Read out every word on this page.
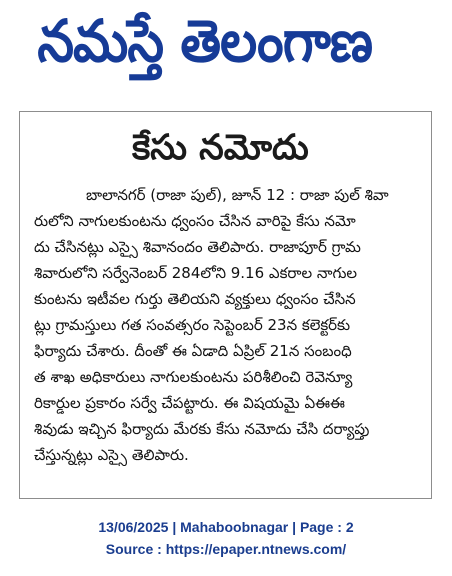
నమస్తే తెలంగాణ
కేసు నమోదు
బాలానగర్ (రాజా పుల్), జూన్ 12 : రాజా పుల్ శివా
రులోని నాగులకుంటను ధ్వంసం చేసిన వారిపై కేసు నమో
దు చేసినట్లు ఎస్సై శివానందం తెలిపారు. రాజాపూర్ గ్రామ
శివారులోని సర్వేనెంబర్ 284లోని 9.16 ఎకరాల నాగుల
కుంటను ఇటీవల గుర్తు తెలియని వ్యక్తులు ధ్వంసం చేసిన
ట్లు గ్రామస్తులు గత సంవత్సరం సెప్టెంబర్ 23న కలెక్టర్‌కు
ఫిర్యాదు చేశారు. దీంతో ఈ ఏడాది ఏప్రిల్ 21న సంబంధి
త శాఖ అధికారులు నాగులకుంటను పరిశీలించి రెవెన్యూ
రికార్డుల ప్రకారం సర్వే చేపట్టారు. ఈ విషయమై ఏఈఈ
శివుడు ఇచ్చిన ఫిర్యాదు మేరకు కేసు నమోదు చేసి దర్యాప్తు
చేస్తున్నట్లు ఎస్సై తెలిపారు.
13/06/2025 | Mahaboobnagar | Page : 2
Source : https://epaper.ntnews.com/
